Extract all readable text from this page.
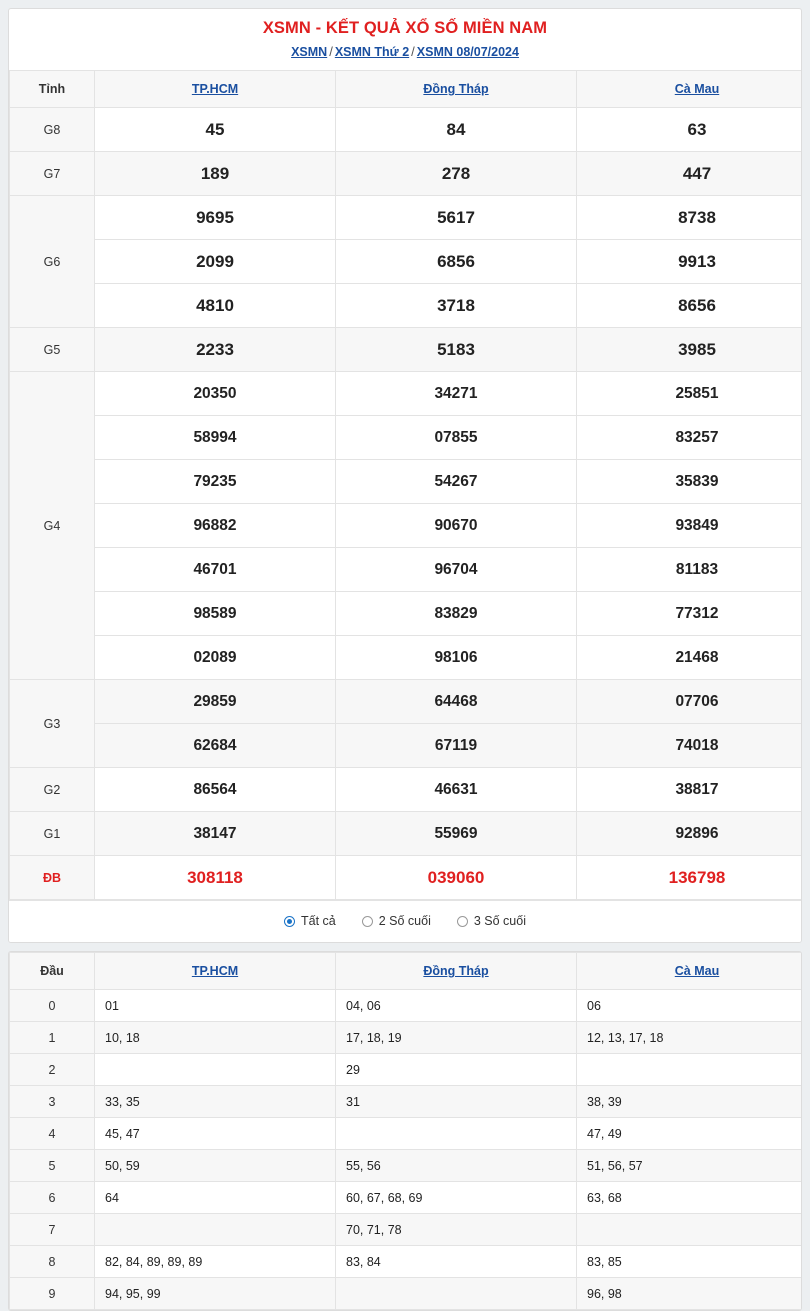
XSMN - KẾT QUẢ XỔ SỐ MIỀN NAM
XSMN / XSMN Thứ 2 / XSMN 08/07/2024
Tỉnh	TP.HCM	Đồng Tháp	Cà Mau
G8	45	84	63
G7	189	278	447
G6	9695	5617	8738
	2099	6856	9913
	4810	3718	8656
G5	2233	5183	3985
G4	20350	34271	25851
	58994	07855	83257
	79235	54267	35839
	96882	90670	93849
	46701	96704	81183
	98589	83829	77312
	02089	98106	21468
G3	29859	64468	07706
	62684	67119	74018
G2	86564	46631	38817
G1	38147	55969	92896
ĐB	308118	039060	136798
Tất cả	2 Số cuối	3 Số cuối
Đầu	TP.HCM	Đồng Tháp	Cà Mau
0	01	04, 06	06
1	10, 18	17, 18, 19	12, 13, 17, 18
2		29	
3	33, 35	31	38, 39
4	45, 47		47, 49
5	50, 59	55, 56	51, 56, 57
6	64	60, 67, 68, 69	63, 68
7		70, 71, 78	
8	82, 84, 89, 89, 89	83, 84	83, 85
9	94, 95, 99		96, 98
